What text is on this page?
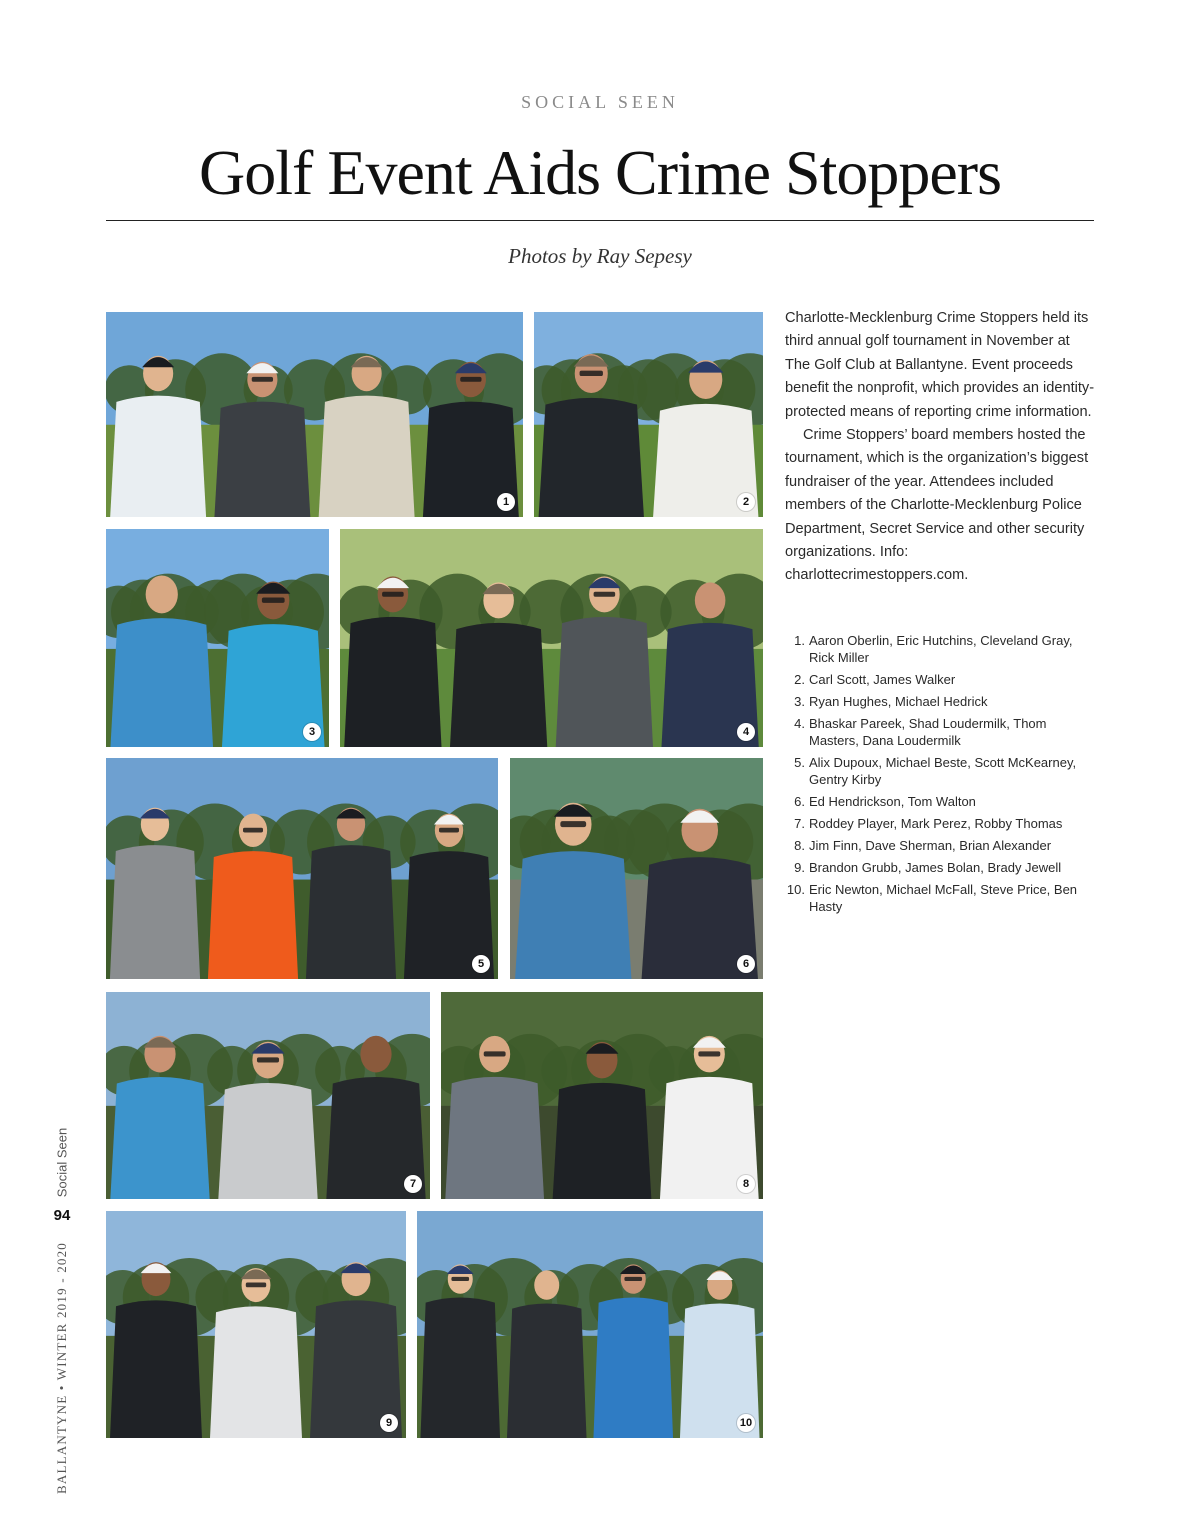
SOCIAL SEEN
Golf Event Aids Crime Stoppers
Photos by Ray Sepesy
1	2
3	4
5	6
7	8
9	10

Charlotte-Mecklenburg Crime Stoppers held its third annual golf tournament in November at The Golf Club at Ballantyne. Event proceeds benefit the nonprofit, which provides an identity-protected means of reporting crime information.

Crime Stoppers’ board members hosted the tournament, which is the organization’s biggest fundraiser of the year. Attendees included members of the Charlotte-Mecklenburg Police Department, Secret Service and other security organizations. Info: charlottecrimestoppers.com.

1. Aaron Oberlin, Eric Hutchins, Cleveland Gray, Rick Miller
2. Carl Scott, James Walker
3. Ryan Hughes, Michael Hedrick
4. Bhaskar Pareek, Shad Loudermilk, Thom Masters, Dana Loudermilk
5. Alix Dupoux, Michael Beste, Scott McKearney, Gentry Kirby
6. Ed Hendrickson, Tom Walton
7. Roddey Player, Mark Perez, Robby Thomas
8. Jim Finn, Dave Sherman, Brian Alexander
9. Brandon Grubb, James Bolan, Brady Jewell
10. Eric Newton, Michael McFall, Steve Price, Ben Hasty
Social Seen
94
BALLANTYNE • WINTER 2019 - 2020
